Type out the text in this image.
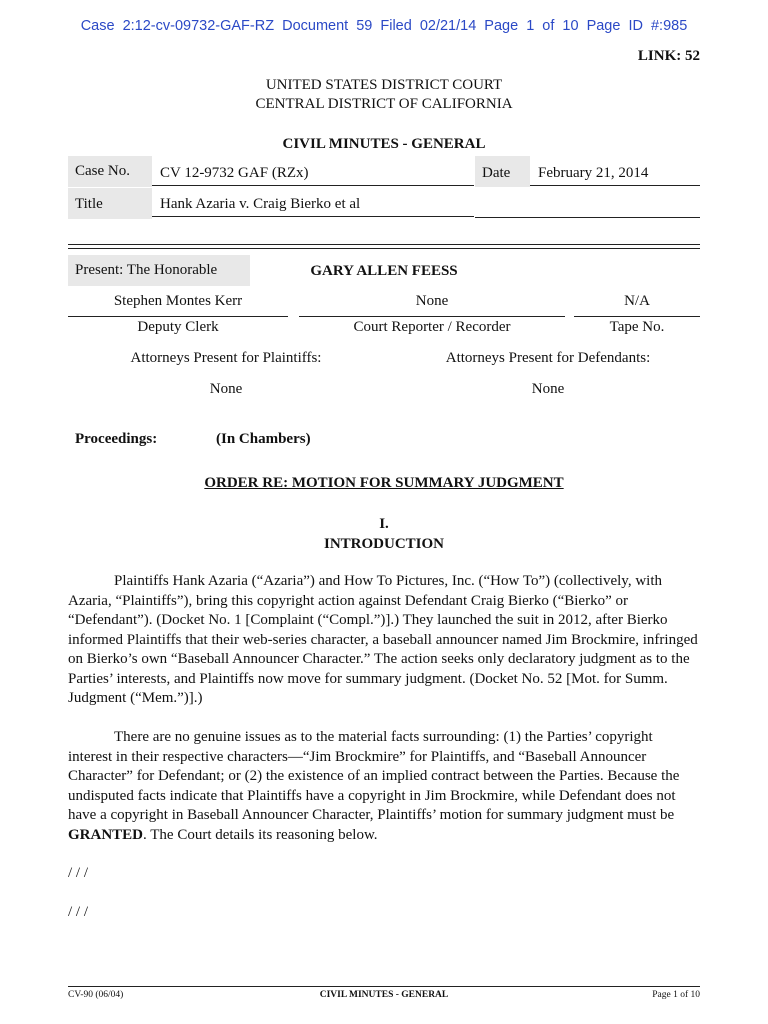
Case 2:12-cv-09732-GAF-RZ Document 59 Filed 02/21/14 Page 1 of 10 Page ID #:985
LINK: 52
UNITED STATES DISTRICT COURT
CENTRAL DISTRICT OF CALIFORNIA
CIVIL MINUTES - GENERAL
Case No.	CV 12-9732 GAF (RZx)	Date	February 21, 2014
Title	Hank Azaria v. Craig Bierko et al
Present: The Honorable	GARY ALLEN FEESS
Stephen Montes Kerr	None	N/A
Deputy Clerk	Court Reporter / Recorder	Tape No.
Attorneys Present for Plaintiffs:	Attorneys Present for Defendants:
None	None
Proceedings:	(In Chambers)
ORDER RE: MOTION FOR SUMMARY JUDGMENT
I.
INTRODUCTION

Plaintiffs Hank Azaria (“Azaria”) and How To Pictures, Inc. (“How To”) (collectively, with Azaria, “Plaintiffs”), bring this copyright action against Defendant Craig Bierko (“Bierko” or “Defendant”). (Docket No. 1 [Complaint (“Compl.”)].) They launched the suit in 2012, after Bierko informed Plaintiffs that their web-series character, a baseball announcer named Jim Brockmire, infringed on Bierko’s own “Baseball Announcer Character.” The action seeks only declaratory judgment as to the Parties’ interests, and Plaintiffs now move for summary judgment. (Docket No. 52 [Mot. for Summ. Judgment (“Mem.”)].)

There are no genuine issues as to the material facts surrounding: (1) the Parties’ copyright interest in their respective characters—“Jim Brockmire” for Plaintiffs, and “Baseball Announcer Character” for Defendant; or (2) the existence of an implied contract between the Parties. Because the undisputed facts indicate that Plaintiffs have a copyright in Jim Brockmire, while Defendant does not have a copyright in Baseball Announcer Character, Plaintiffs’ motion for summary judgment must be GRANTED. The Court details its reasoning below.

/ / /
/ / /
CV-90 (06/04)	CIVIL MINUTES - GENERAL	Page 1 of 10
